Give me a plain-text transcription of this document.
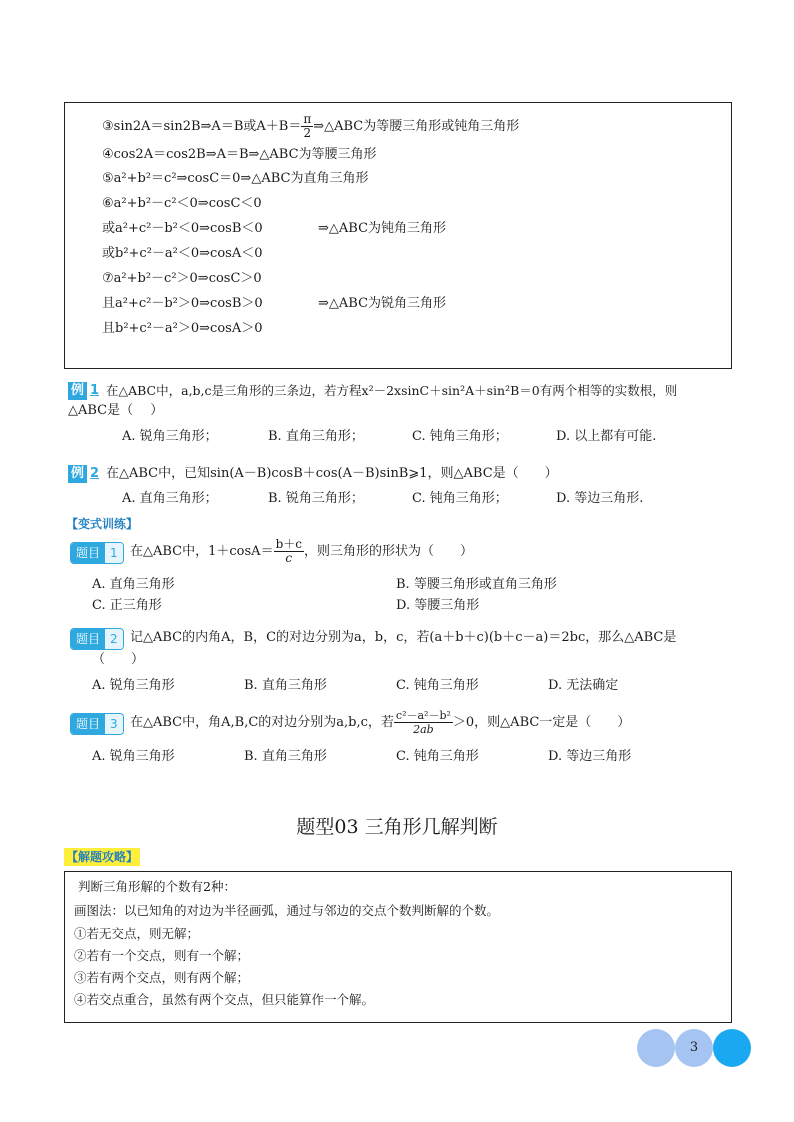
③sin2A＝sin2B⇒A＝B或$A+B= \frac{\pi}{2}$ ⇒△ABC为等腰三角形或钝角三角形
④cos2A＝cos2B⇒A＝B⇒△ABC为等腰三角形
⑤a²+b²＝c²⇒cosC＝0⇒△ABC为直角三角形
⑥a²+b²－c²＜0⇒cosC＜0
或a²+c²－b²＜0⇒cosB＜0	⇒△ABC为钝角三角形
或b²+c²－a²＜0⇒cosA＜0
⑦a²+b²－c²＞0⇒cosC＞0
且a²+c²－b²＞0⇒cosB＞0	⇒△ABC为锐角三角形
且b²+c²－a²＞0⇒cosA＞0
例 1 在△ABC中，a,b,c是三角形的三条边，若方程x²－2xsinC＋sin²A＋sin²B＝0有两个相等的实数根，则
△ABC是（　 ）
A. 锐角三角形；	B. 直角三角形；	C. 钝角三角形；	D. 以上都有可能.
例 2 在△ABC中，已知sin(A－B)cosB＋cos(A－B)sinB⩾1，则△ABC是（　　）
A. 直角三角形；	B. 锐角三角形；	C. 钝角三角形；	D. 等边三角形.
【变式训练】
题目 1 在△ABC中，$1+\cos A= \frac{b+c}{c}$ ，则三角形的形状为（　　）
A. 直角三角形	B. 等腰三角形或直角三角形
C. 正三角形	D. 等腰三角形
题目 2 记△ABC的内角A，B，C的对边分别为a，b，c，若(a＋b＋c)(b＋c－a)＝2bc，那么△ABC是
（　　）
A. 锐角三角形	B. 直角三角形	C. 钝角三角形	D. 无法确定
题目 3 在△ABC中，角A,B,C的对边分别为a,b,c，若 $\frac{\text{c²－a²－b²}}{2ab} >0$，则△ABC一定是（　　）
A. 锐角三角形	B. 直角三角形	C. 钝角三角形	D. 等边三角形
题型03 三角形几解判断
【解题攻略】
判断三角形解的个数有2种：
画图法：以已知角的对边为半径画弧，通过与邻边的交点个数判断解的个数。
①若无交点，则无解；
②若有一个交点，则有一个解；
③若有两个交点，则有两个解；
④若交点重合，虽然有两个交点，但只能算作一个解。
3
